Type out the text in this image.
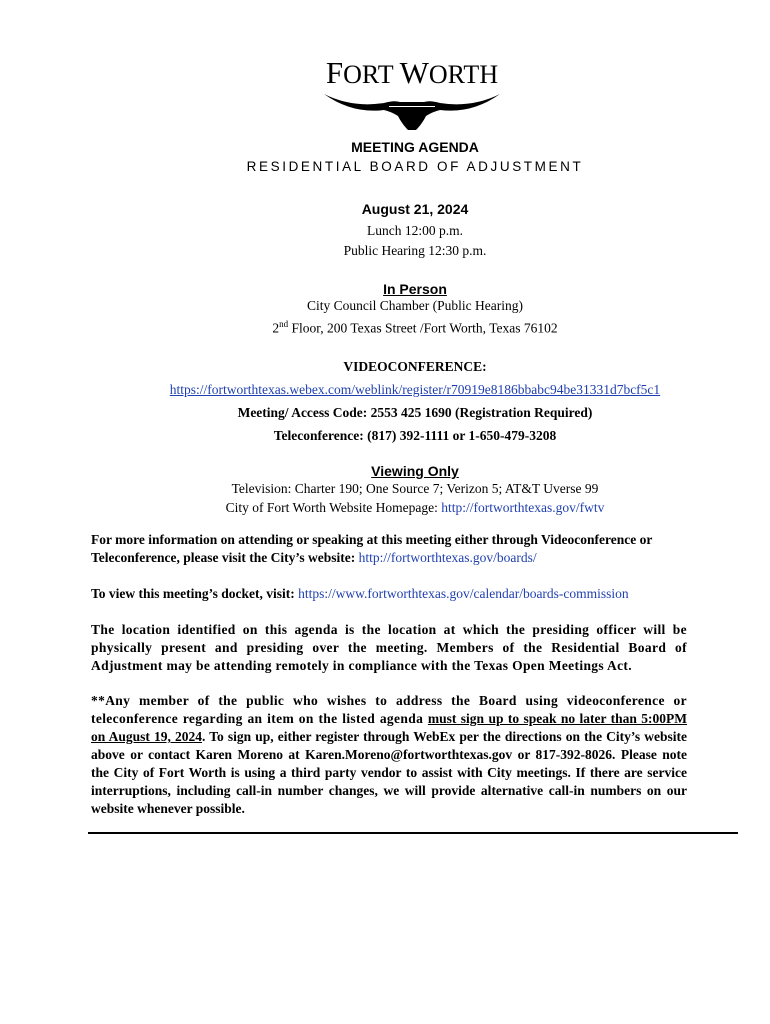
FORT WORTH
MEETING AGENDA
RESIDENTIAL BOARD OF ADJUSTMENT
August 21, 2024
Lunch 12:00 p.m.
Public Hearing 12:30 p.m.
In Person
City Council Chamber (Public Hearing)
2nd Floor, 200 Texas Street /Fort Worth, Texas 76102
VIDEOCONFERENCE:
https://fortworthtexas.webex.com/weblink/register/r70919e8186bbabc94be31331d7bcf5c1
Meeting/ Access Code: 2553 425 1690 (Registration Required)
Teleconference: (817) 392-1111 or 1-650-479-3208
Viewing Only
Television: Charter 190; One Source 7; Verizon 5; AT&T Uverse 99
City of Fort Worth Website Homepage: http://fortworthtexas.gov/fwtv
For more information on attending or speaking at this meeting either through Videoconference or Teleconference, please visit the City’s website: http://fortworthtexas.gov/boards/
To view this meeting’s docket, visit: https://www.fortworthtexas.gov/calendar/boards-commission
The location identified on this agenda is the location at which the presiding officer will be physically present and presiding over the meeting. Members of the Residential Board of Adjustment may be attending remotely in compliance with the Texas Open Meetings Act.
**Any member of the public who wishes to address the Board using videoconference or teleconference regarding an item on the listed agenda must sign up to speak no later than 5:00PM on August 19, 2024. To sign up, either register through WebEx per the directions on the City’s website above or contact Karen Moreno at Karen.Moreno@fortworthtexas.gov or 817-392-8026. Please note the City of Fort Worth is using a third party vendor to assist with City meetings. If there are service interruptions, including call-in number changes, we will provide alternative call-in numbers on our website whenever possible.
